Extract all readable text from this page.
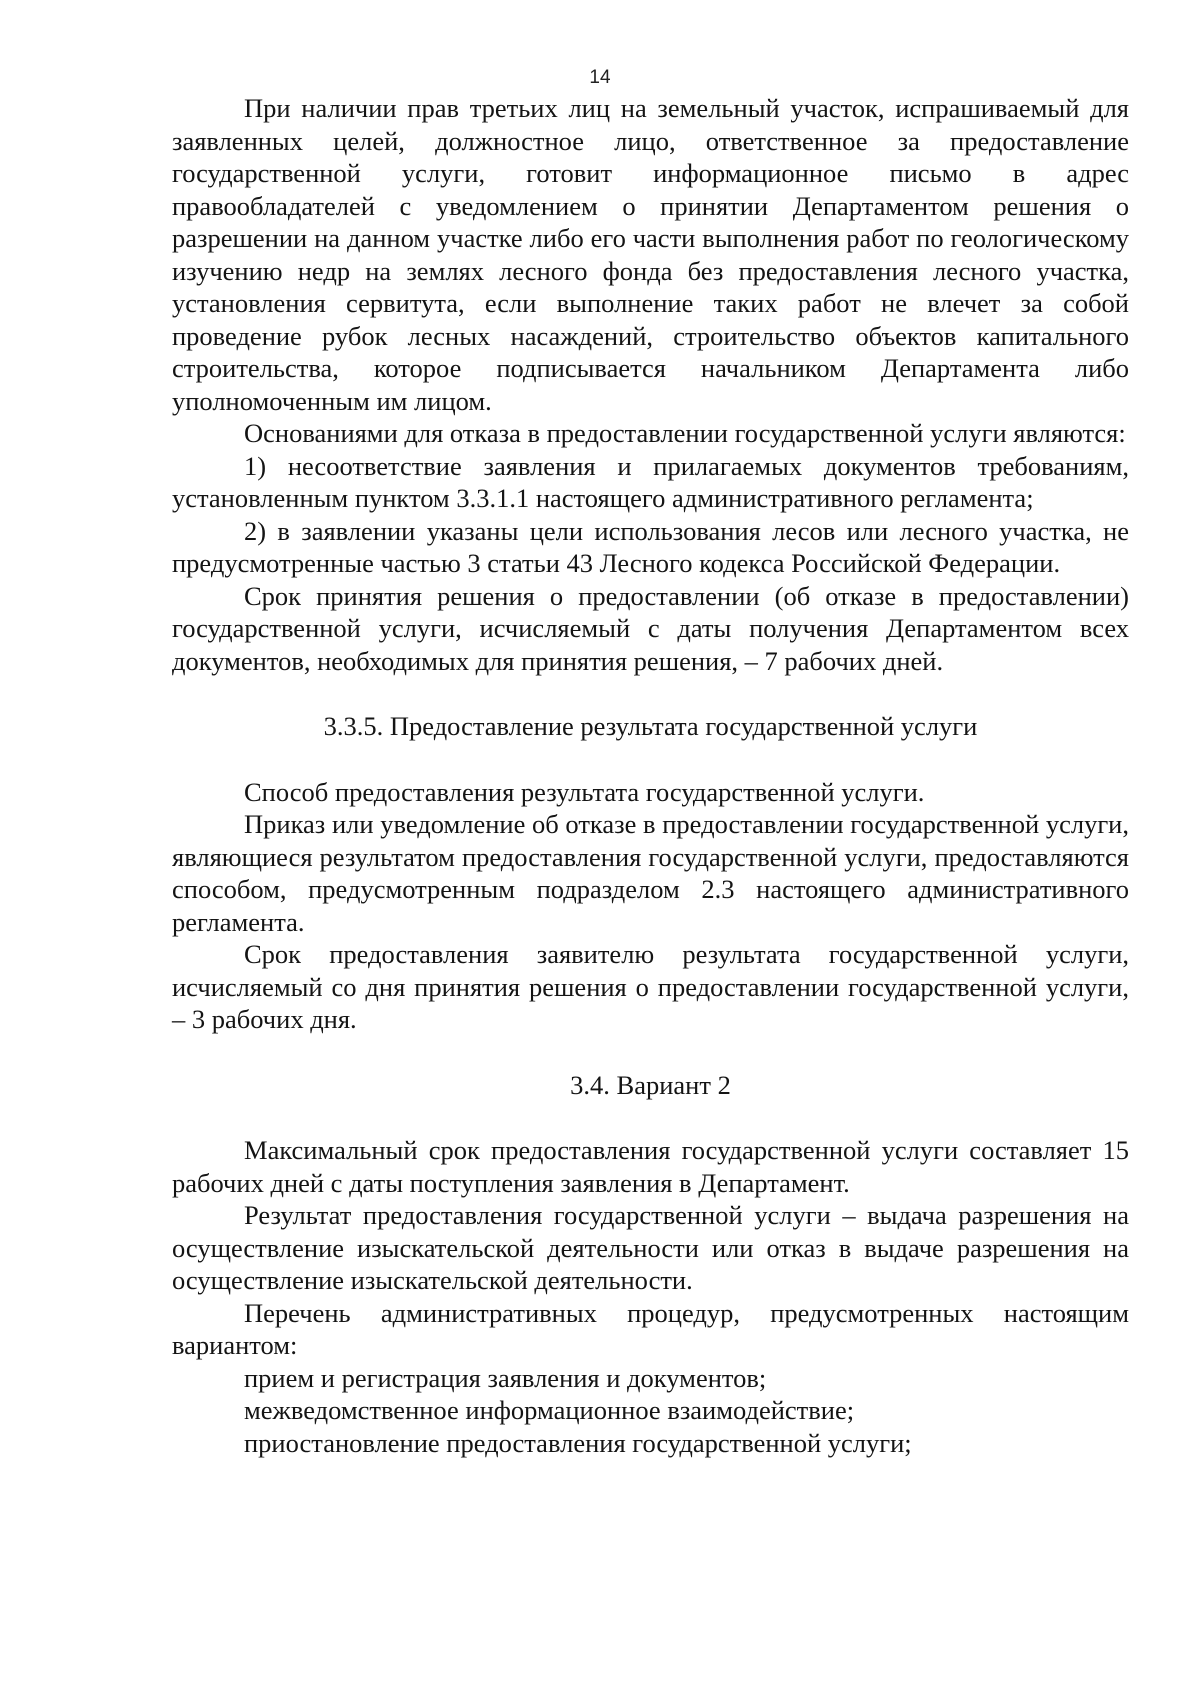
14

При наличии прав третьих лиц на земельный участок, испрашиваемый для заявленных целей, должностное лицо, ответственное за предоставление государственной услуги, готовит информационное письмо в адрес правообладателей с уведомлением о принятии Департаментом решения о разрешении на данном участке либо его части выполнения работ по геологическому изучению недр на землях лесного фонда без предоставления лесного участка, установления сервитута, если выполнение таких работ не влечет за собой проведение рубок лесных насаждений, строительство объектов капитального строительства, которое подписывается начальником Департамента либо уполномоченным им лицом.

Основаниями для отказа в предоставлении государственной услуги являются:

1) несоответствие заявления и прилагаемых документов требованиям, установленным пунктом 3.3.1.1 настоящего административного регламента;

2) в заявлении указаны цели использования лесов или лесного участка, не предусмотренные частью 3 статьи 43 Лесного кодекса Российской Федерации.

Срок принятия решения о предоставлении (об отказе в предоставлении) государственной услуги, исчисляемый с даты получения Департаментом всех документов, необходимых для принятия решения, – 7 рабочих дней.

3.3.5. Предоставление результата государственной услуги

Способ предоставления результата государственной услуги.

Приказ или уведомление об отказе в предоставлении государственной услуги, являющиеся результатом предоставления государственной услуги, предоставляются способом, предусмотренным подразделом 2.3 настоящего административного регламента.

Срок предоставления заявителю результата государственной услуги, исчисляемый со дня принятия решения о предоставлении государственной услуги, – 3 рабочих дня.

3.4. Вариант 2

Максимальный срок предоставления государственной услуги составляет 15 рабочих дней с даты поступления заявления в Департамент.

Результат предоставления государственной услуги – выдача разрешения на осуществление изыскательской деятельности или отказ в выдаче разрешения на осуществление изыскательской деятельности.

Перечень административных процедур, предусмотренных настоящим вариантом:

прием и регистрация заявления и документов;

межведомственное информационное взаимодействие;

приостановление предоставления государственной услуги;
